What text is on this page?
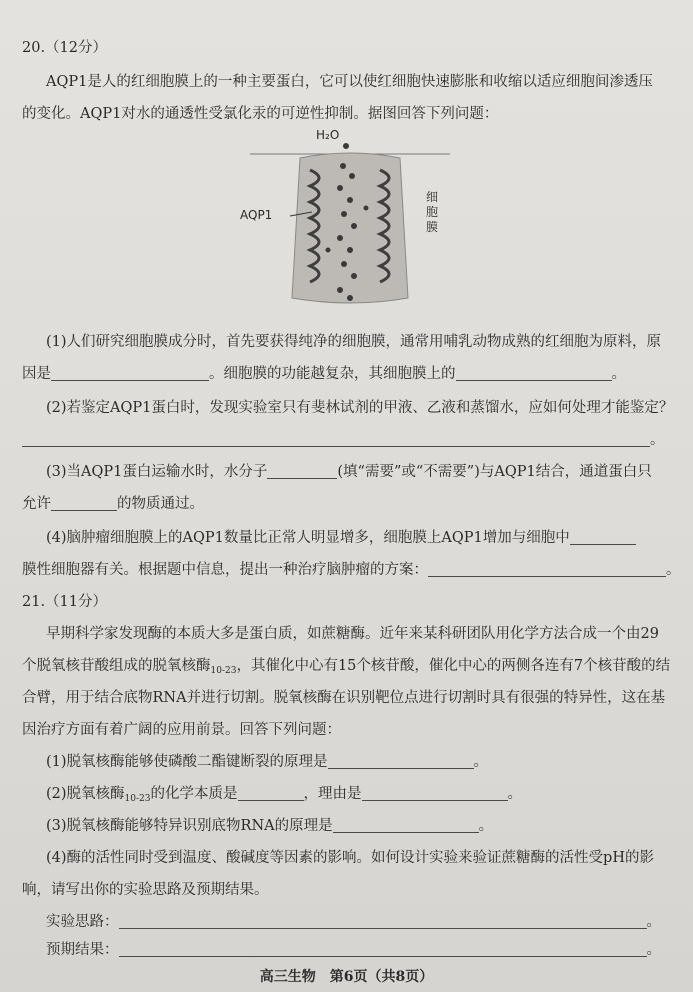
20.（12分）
AQP1是人的红细胞膜上的一种主要蛋白，它可以使红细胞快速膨胀和收缩以适应细胞间渗透压
的变化。AQP1对水的通透性受氯化汞的可逆性抑制。据图回答下列问题：
H₂O
AQP1
细胞膜
(1)人们研究细胞膜成分时，首先要获得纯净的细胞膜，通常用哺乳动物成熟的红细胞为原料，原
因是	。细胞膜的功能越复杂，其细胞膜上的	。
(2)若鉴定AQP1蛋白时，发现实验室只有斐林试剂的甲液、乙液和蒸馏水，应如何处理才能鉴定？
。
(3)当AQP1蛋白运输水时，水分子	(填“需要”或“不需要”)与AQP1结合，通道蛋白只
允许	的物质通过。
(4)脑肿瘤细胞膜上的AQP1数量比正常人明显增多，细胞膜上AQP1增加与细胞中
膜性细胞器有关。根据题中信息，提出一种治疗脑肿瘤的方案：	。
21.（11分）
早期科学家发现酶的本质大多是蛋白质，如蔗糖酶。近年来某科研团队用化学方法合成一个由29
个脱氧核苷酸组成的脱氧核酶$_{10-23}$，其催化中心有15个核苷酸，催化中心的两侧各连有7个核苷酸的结
合臂，用于结合底物RNA并进行切割。脱氧核酶在识别靶位点进行切割时具有很强的特异性，这在基
因治疗方面有着广阔的应用前景。回答下列问题：
(1)脱氧核酶能够使磷酸二酯键断裂的原理是	。
(2)脱氧核酶$_{10-23}$的化学本质是	，理由是	。
(3)脱氧核酶能够特异识别底物RNA的原理是	。
(4)酶的活性同时受到温度、酸碱度等因素的影响。如何设计实验来验证蔗糖酶的活性受pH的影
响，请写出你的实验思路及预期结果。
实验思路：	。
预期结果：	。
高三生物　第6页（共8页）
